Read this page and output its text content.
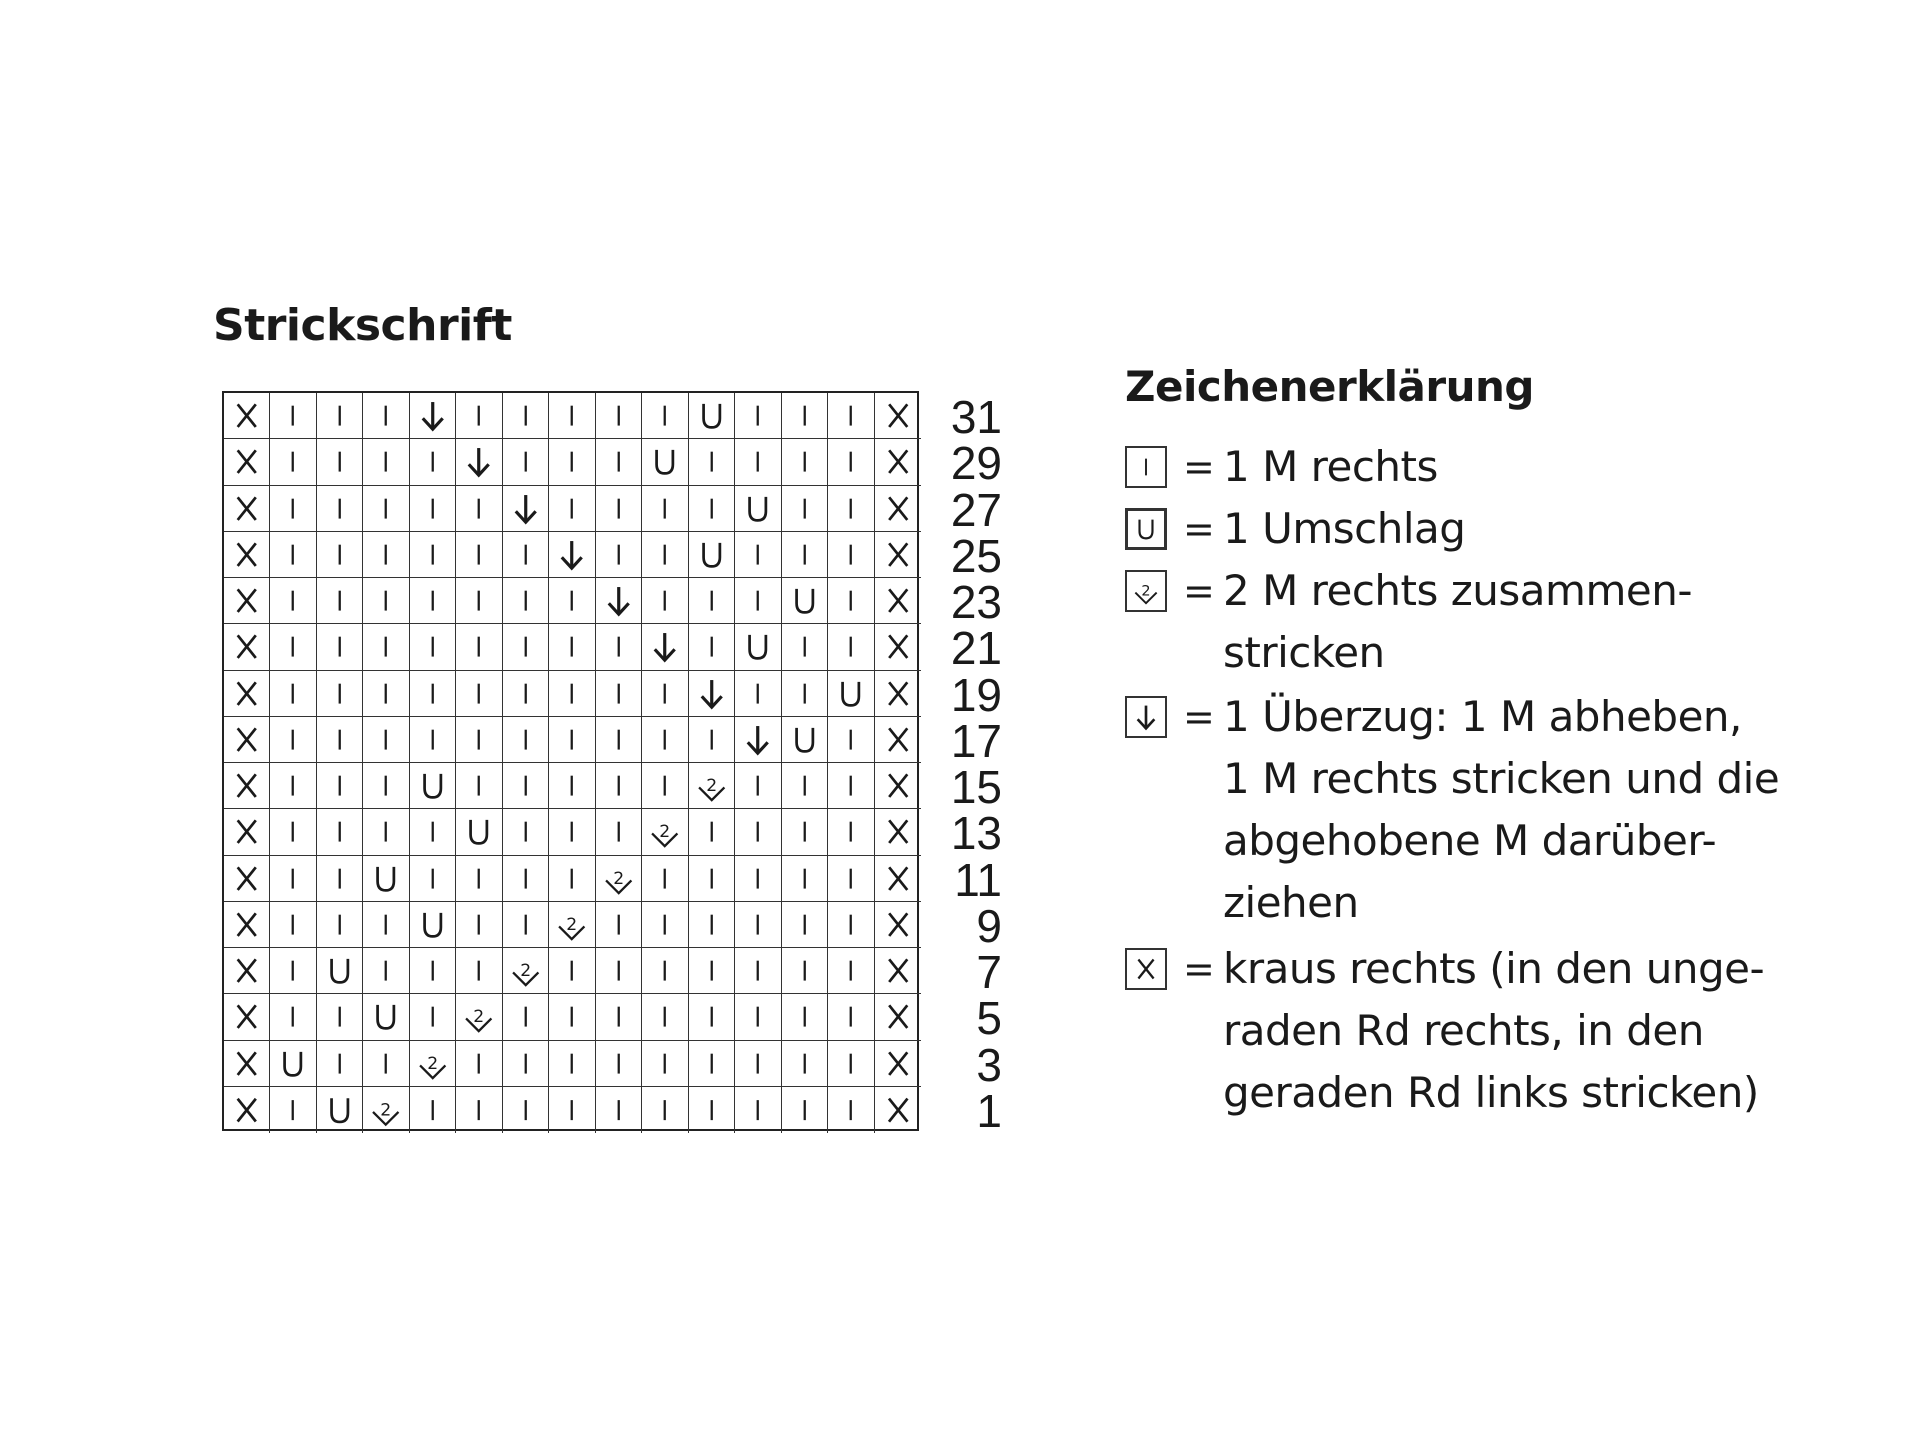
Strickschrift
2
2
2
2
2
2
2
2
31
29
27
25
23
21
19
17
15
13
11
9
7
5
3
1
Zeichenerklärung
= 1 M rechts
= 1 Umschlag
2 = 2 M rechts zusammen-
stricken
= 1 Überzug: 1 M abheben,
1 M rechts stricken und die
abgehobene M darüber-
ziehen
= kraus rechts (in den unge-
raden Rd rechts, in den
geraden Rd links stricken)
